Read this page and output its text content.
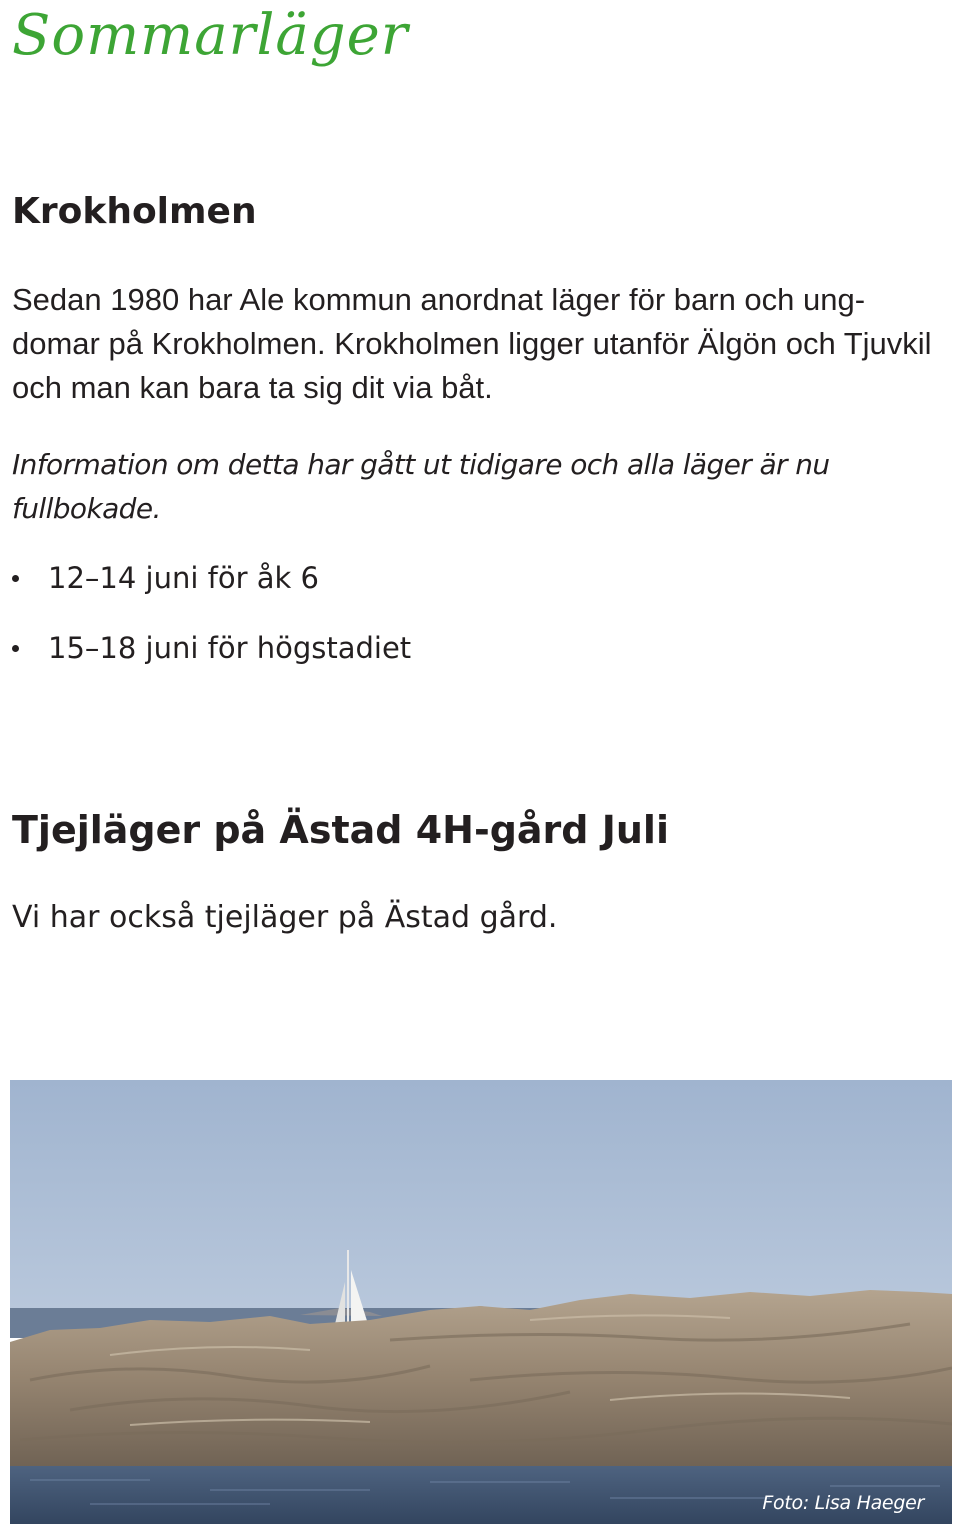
Sommarläger
Krokholmen

Sedan 1980 har Ale kommun anordnat läger för barn och ungdomar på Krokholmen. Krokholmen ligger utanför Älgön och Tjuvkil och man kan bara ta sig dit via båt.

Information om detta har gått ut tidigare och alla läger är nu fullbokade.

12–14 juni för åk 6
15–18 juni för högstadiet
Tjejläger på Ästad 4H-gård Juli

Vi har också tjejläger på Ästad gård.

Foto: Lisa Haeger
